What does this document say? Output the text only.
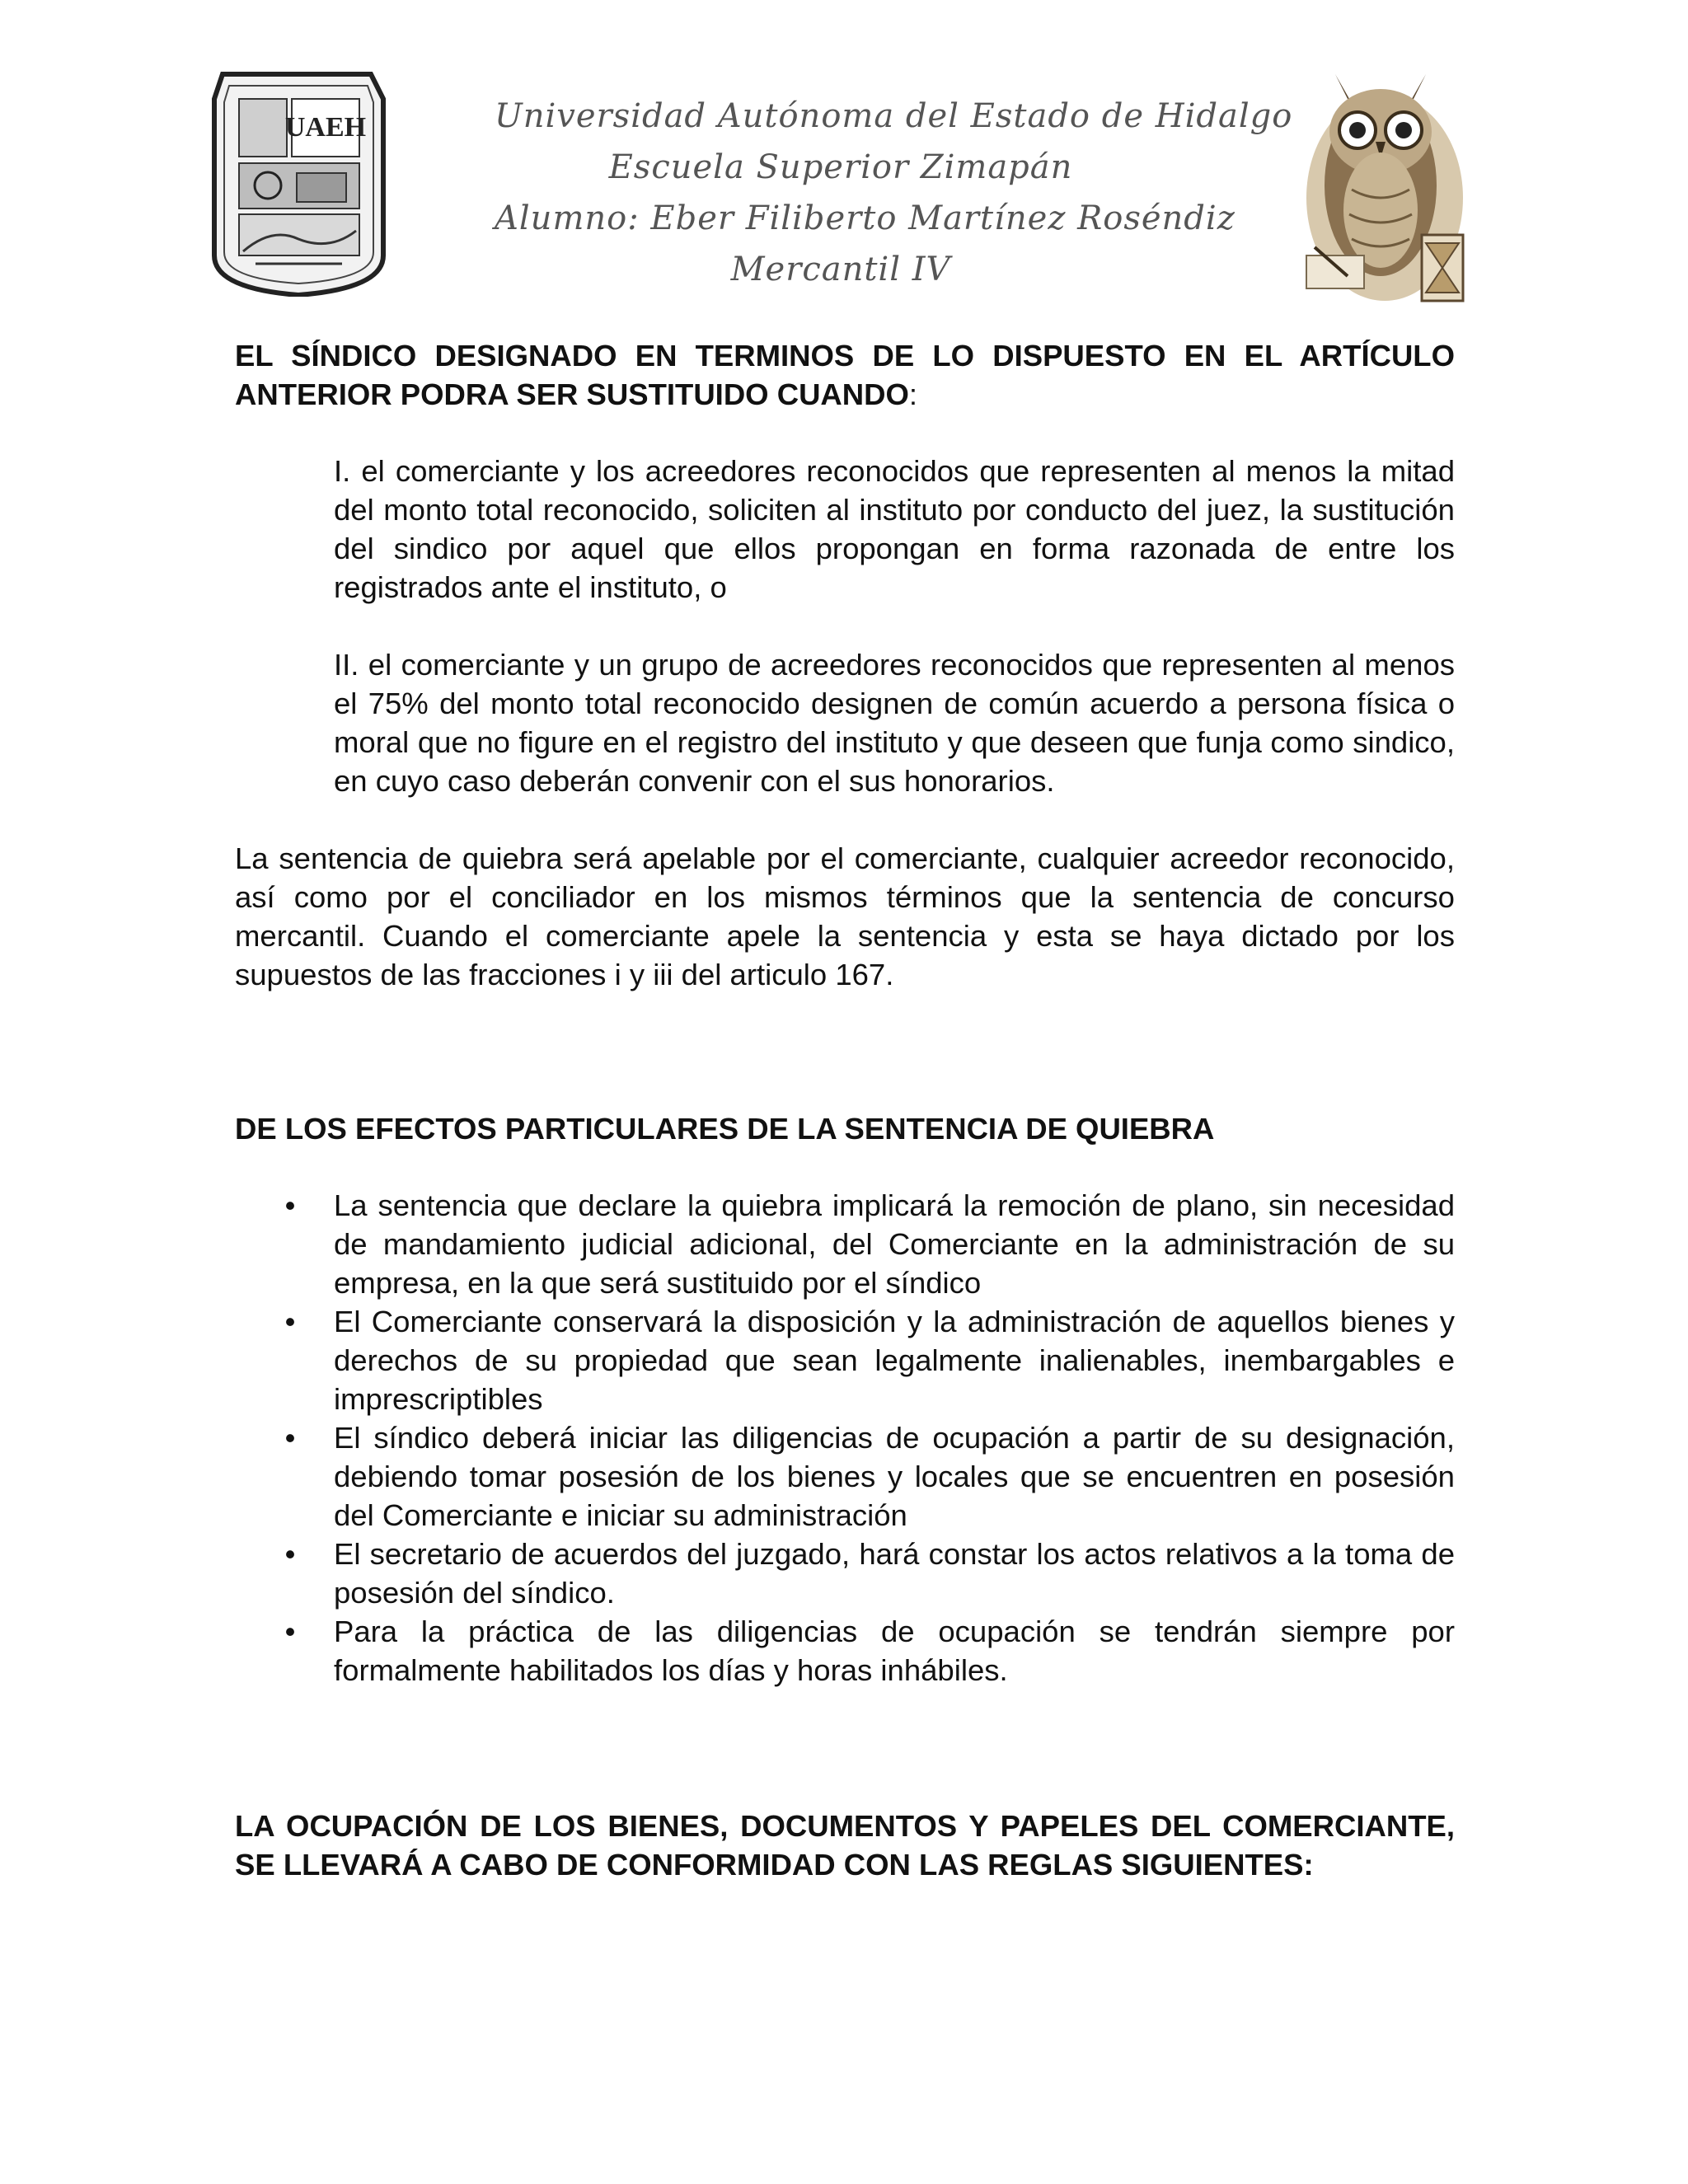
UAEH	Universidad Autónoma del Estado de Hidalgo
Escuela Superior Zimapán
Alumno: Eber Filiberto Martínez Roséndiz
Mercantil IV

EL SÍNDICO DESIGNADO EN TERMINOS DE LO DISPUESTO EN EL ARTÍCULO ANTERIOR PODRA SER SUSTITUIDO CUANDO:

I. el comerciante y los acreedores reconocidos que representen al menos la mitad del monto total reconocido, soliciten al instituto por conducto del juez, la sustitución del sindico por aquel que ellos propongan en forma razonada de entre los registrados ante el instituto, o

II. el comerciante y un grupo de acreedores reconocidos que representen al menos el 75% del monto total reconocido designen de común acuerdo a persona física o moral que no figure en el registro del instituto y que deseen que funja como sindico, en cuyo caso deberán convenir con el sus honorarios.

La sentencia de quiebra será apelable por el comerciante, cualquier acreedor reconocido, así como por el conciliador en los mismos términos que la sentencia de concurso mercantil. Cuando el comerciante apele la sentencia y esta se haya dictado por los supuestos de las fracciones i y iii del articulo 167.

DE LOS EFECTOS PARTICULARES DE LA SENTENCIA DE QUIEBRA

• La sentencia que declare la quiebra implicará la remoción de plano, sin necesidad de mandamiento judicial adicional, del Comerciante en la administración de su empresa, en la que será sustituido por el síndico
• El Comerciante conservará la disposición y la administración de aquellos bienes y derechos de su propiedad que sean legalmente inalienables, inembargables e imprescriptibles
• El síndico deberá iniciar las diligencias de ocupación a partir de su designación, debiendo tomar posesión de los bienes y locales que se encuentren en posesión del Comerciante e iniciar su administración
• El secretario de acuerdos del juzgado, hará constar los actos relativos a la toma de posesión del síndico.
• Para la práctica de las diligencias de ocupación se tendrán siempre por formalmente habilitados los días y horas inhábiles.

LA OCUPACIÓN DE LOS BIENES, DOCUMENTOS Y PAPELES DEL COMERCIANTE, SE LLEVARÁ A CABO DE CONFORMIDAD CON LAS REGLAS SIGUIENTES:
